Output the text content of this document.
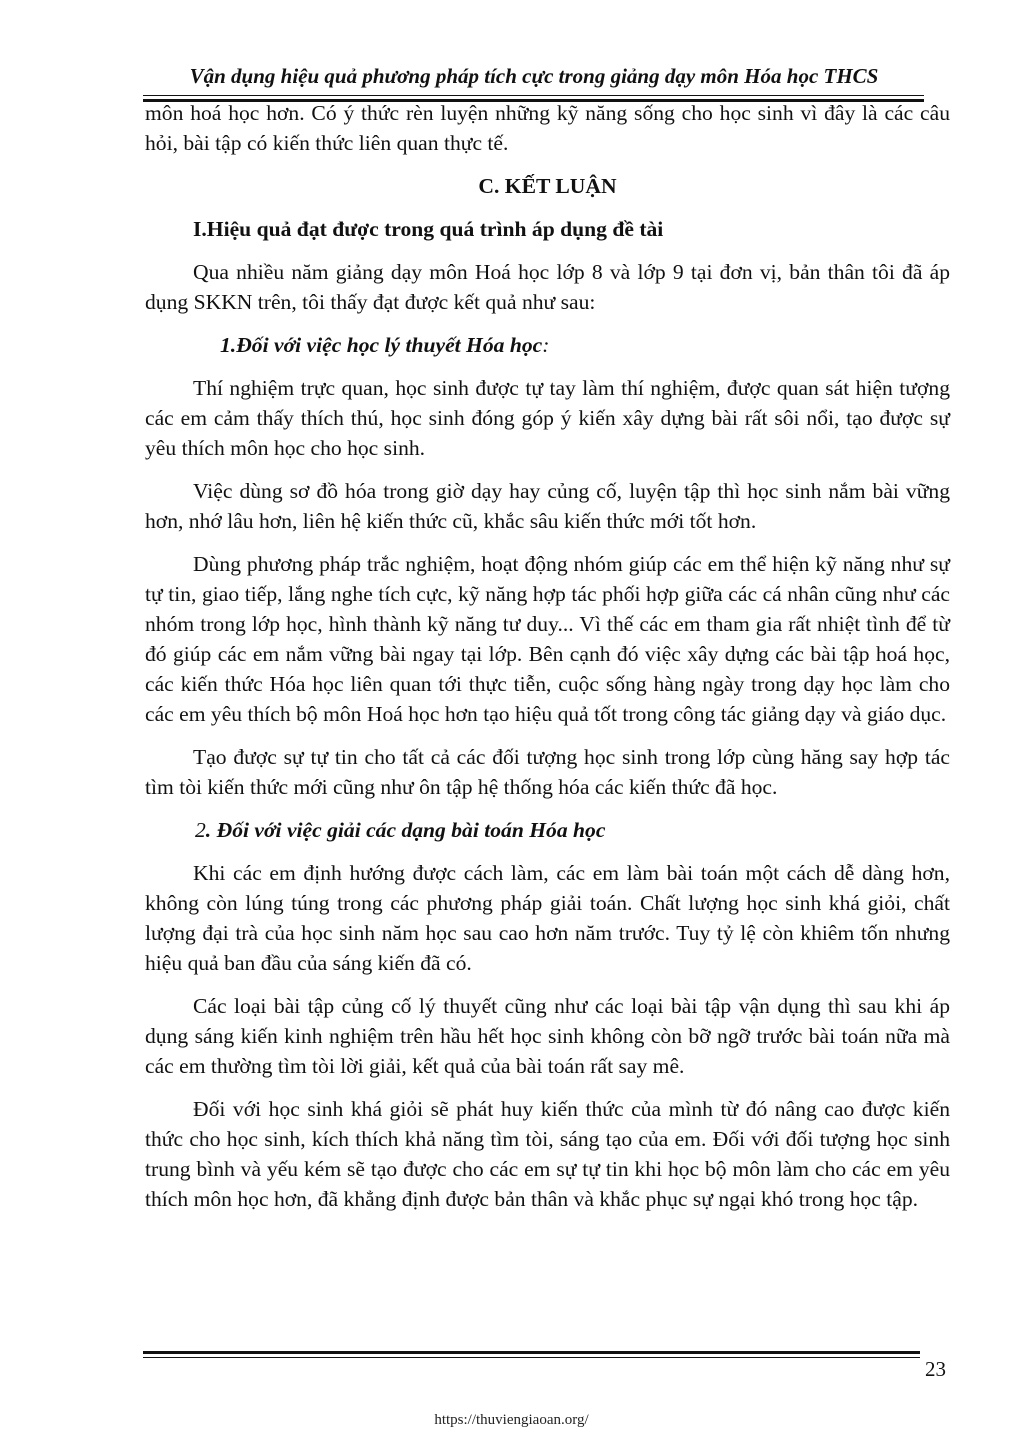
Vận dụng hiệu quả phương pháp tích cực trong giảng dạy môn Hóa học THCS

môn hoá học hơn. Có ý thức rèn luyện những kỹ năng sống cho học sinh vì đây là các câu hỏi, bài tập có kiến thức liên quan thực tế.

C. KẾT LUẬN

I.Hiệu quả đạt được trong quá trình áp dụng đề tài

Qua nhiều năm giảng dạy môn Hoá học lớp 8 và lớp 9 tại đơn vị, bản thân tôi đã áp dụng SKKN trên, tôi thấy đạt được kết quả như sau:

1.Đối với việc học lý thuyết Hóa học:

Thí nghiệm trực quan, học sinh được tự tay làm thí nghiệm, được quan sát hiện tượng các em cảm thấy thích thú, học sinh đóng góp ý kiến xây dựng bài rất sôi nổi, tạo được sự yêu thích môn học cho học sinh.

Việc dùng sơ đồ hóa trong giờ dạy hay củng cố, luyện tập thì học sinh nắm bài vững hơn, nhớ lâu hơn, liên hệ kiến thức cũ, khắc sâu kiến thức mới tốt hơn.

Dùng phương pháp trắc nghiệm, hoạt động nhóm giúp các em thể hiện kỹ năng như sự tự tin, giao tiếp, lắng nghe tích cực, kỹ năng hợp tác phối hợp giữa các cá nhân cũng như các nhóm trong lớp học, hình thành kỹ năng tư duy... Vì thế các em tham gia rất nhiệt tình để từ đó giúp các em nắm vững bài ngay tại lớp. Bên cạnh đó việc xây dựng các bài tập hoá học, các kiến thức Hóa học liên quan tới thực tiễn, cuộc sống hàng ngày trong dạy học làm cho các em yêu thích bộ môn Hoá học hơn tạo hiệu quả tốt trong công tác giảng dạy và giáo dục.

Tạo được sự tự tin cho tất cả các đối tượng học sinh trong lớp cùng hăng say hợp tác tìm tòi kiến thức mới cũng như ôn tập hệ thống hóa các kiến thức đã học.

2. Đối với việc giải các dạng bài toán Hóa học

Khi các em định hướng được cách làm, các em làm bài toán một cách dễ dàng hơn, không còn lúng túng trong các phương pháp giải toán. Chất lượng học sinh khá giỏi, chất lượng đại trà của học sinh năm học sau cao hơn năm trước. Tuy tỷ lệ còn khiêm tốn nhưng hiệu quả ban đầu của sáng kiến đã có.

Các loại bài tập củng cố lý thuyết cũng như các loại bài tập vận dụng thì sau khi áp dụng sáng kiến kinh nghiệm trên hầu hết học sinh không còn bỡ ngỡ trước bài toán nữa mà các em thường tìm tòi lời giải, kết quả của bài toán rất say mê.

Đối với học sinh khá giỏi sẽ phát huy kiến thức của mình từ đó nâng cao được kiến thức cho học sinh, kích thích khả năng tìm tòi, sáng tạo của em. Đối với đối tượng học sinh trung bình và yếu kém sẽ tạo được cho các em sự tự tin khi học bộ môn làm cho các em yêu thích môn học hơn, đã khẳng định được bản thân và khắc phục sự ngại khó trong học tập.

23
https://thuviengiaoan.org/
